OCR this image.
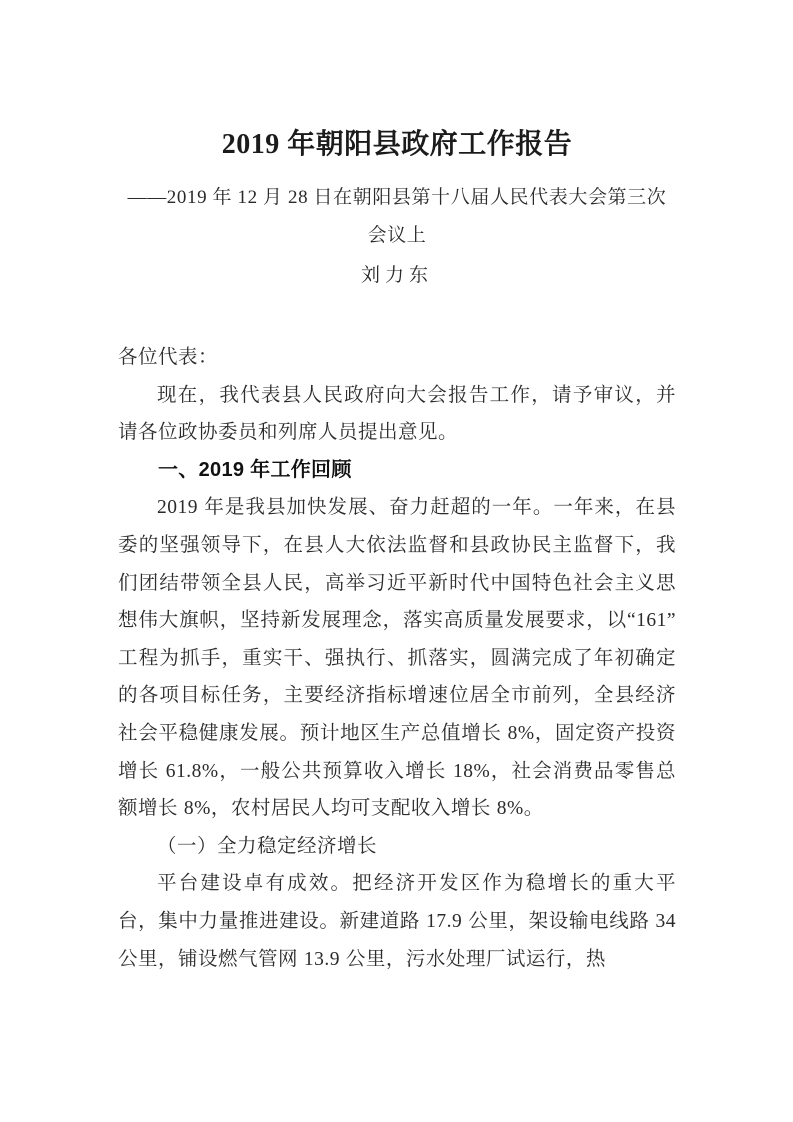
2019 年朝阳县政府工作报告

——2019 年 12 月 28 日在朝阳县第十八届人民代表大会第三次会议上

刘力东

各位代表：

现在，我代表县人民政府向大会报告工作，请予审议，并请各位政协委员和列席人员提出意见。

一、2019 年工作回顾

2019 年是我县加快发展、奋力赶超的一年。一年来，在县委的坚强领导下，在县人大依法监督和县政协民主监督下，我们团结带领全县人民，高举习近平新时代中国特色社会主义思想伟大旗帜，坚持新发展理念，落实高质量发展要求，以“161”工程为抓手，重实干、强执行、抓落实，圆满完成了年初确定的各项目标任务，主要经济指标增速位居全市前列，全县经济社会平稳健康发展。预计地区生产总值增长 8%，固定资产投资增长 61.8%，一般公共预算收入增长 18%，社会消费品零售总额增长 8%，农村居民人均可支配收入增长 8%。

（一）全力稳定经济增长

平台建设卓有成效。把经济开发区作为稳增长的重大平台，集中力量推进建设。新建道路 17.9 公里，架设输电线路 34 公里，铺设燃气管网 13.9 公里，污水处理厂试运行，热
